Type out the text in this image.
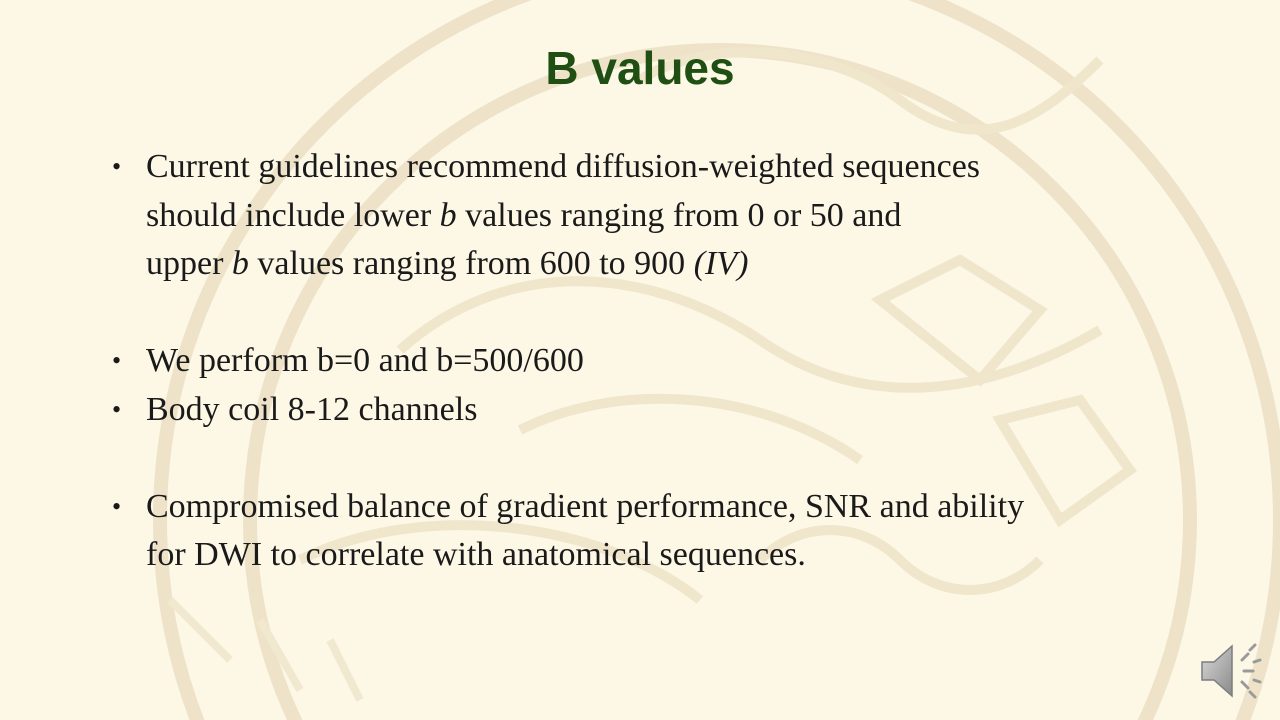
B values
• Current guidelines recommend diffusion-weighted sequences
should include lower b values ranging from 0 or 50 and
upper b values ranging from 600 to 900 (IV)
• We perform b=0 and b=500/600
• Body coil 8-12 channels
• Compromised balance of gradient performance, SNR and ability
for DWI to correlate with anatomical sequences.
